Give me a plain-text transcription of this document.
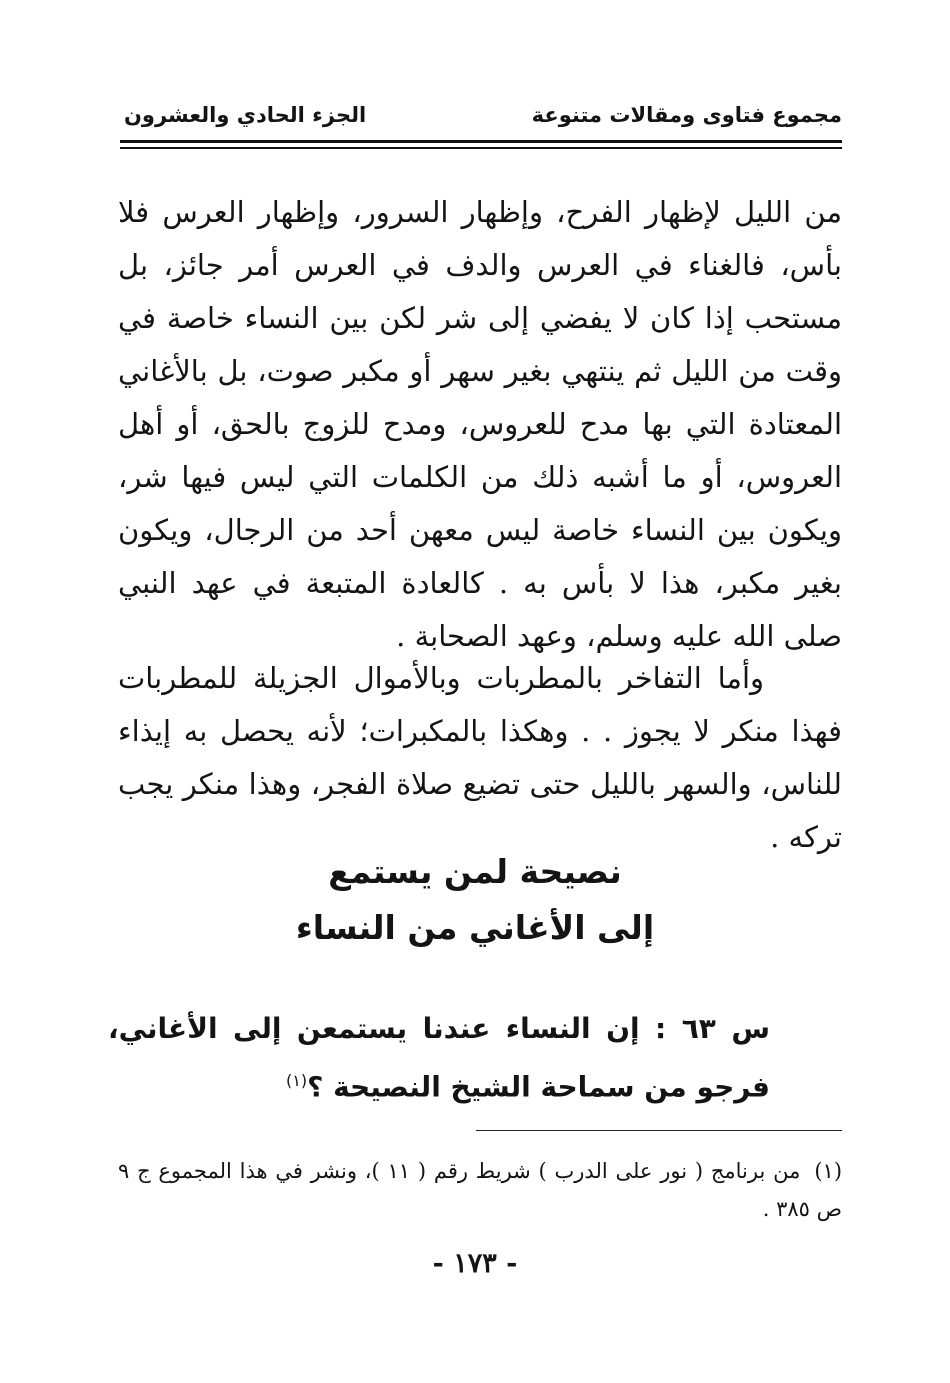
مجموع فتاوى ومقالات متنوعة
الجزء الحادي والعشرون

من الليل لإظهار الفرح، وإظهار السرور، وإظهار العرس فلا بأس، فالغناء في العرس والدف في العرس أمر جائز، بل مستحب إذا كان لا يفضي إلى شر لكن بين النساء خاصة في وقت من الليل ثم ينتهي بغير سهر أو مكبر صوت، بل بالأغاني المعتادة التي بها مدح للعروس، ومدح للزوج بالحق، أو أهل العروس، أو ما أشبه ذلك من الكلمات التي ليس فيها شر، ويكون بين النساء خاصة ليس معهن أحد من الرجال، ويكون بغير مكبر، هذا لا بأس به . كالعادة المتبعة في عهد النبي صلى الله عليه وسلم، وعهد الصحابة .

وأما التفاخر بالمطربات وبالأموال الجزيلة للمطربات فهذا منكر لا يجوز . . وهكذا بالمكبرات؛ لأنه يحصل به إيذاء للناس، والسهر بالليل حتى تضيع صلاة الفجر، وهذا منكر يجب تركه .

نصيحة لمن يستمع
إلى الأغاني من النساء

س ٦٣ : إن النساء عندنا يستمعن إلى الأغاني، فرجو من سماحة الشيخ النصيحة ؟$^{(١)}$

(١)من برنامج ( نور على الدرب ) شريط رقم ( ١١ )، ونشر في هذا المجموع ج ٩ ص ٣٨٥ .

- ١٧٣ -
